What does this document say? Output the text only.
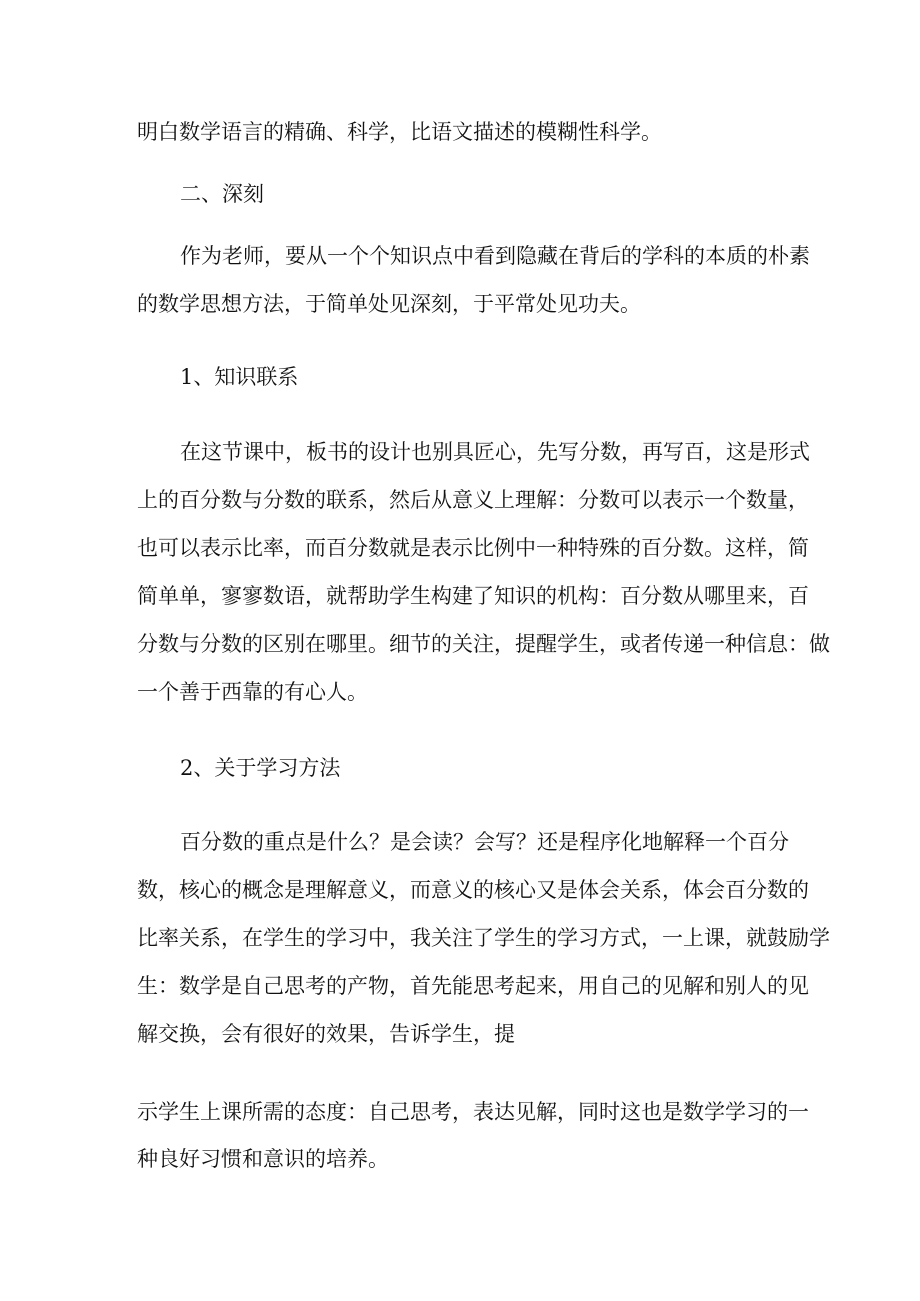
明白数学语言的精确、科学，比语文描述的模糊性科学。
二、深刻
作为老师，要从一个个知识点中看到隐藏在背后的学科的本质的朴素
的数学思想方法，于简单处见深刻，于平常处见功夫。
1、知识联系
在这节课中，板书的设计也别具匠心，先写分数，再写百，这是形式
上的百分数与分数的联系，然后从意义上理解：分数可以表示一个数量，
也可以表示比率，而百分数就是表示比例中一种特殊的百分数。这样，简
简单单，寥寥数语，就帮助学生构建了知识的机构：百分数从哪里来，百
分数与分数的区别在哪里。细节的关注，提醒学生，或者传递一种信息：做
一个善于西靠的有心人。
2、关于学习方法
百分数的重点是什么？是会读？会写？还是程序化地解释一个百分
数，核心的概念是理解意义，而意义的核心又是体会关系，体会百分数的
比率关系，在学生的学习中，我关注了学生的学习方式，一上课，就鼓励学
生：数学是自己思考的产物，首先能思考起来，用自己的见解和别人的见
解交换，会有很好的效果，告诉学生，提
示学生上课所需的态度：自己思考，表达见解，同时这也是数学学习的一
种良好习惯和意识的培养。
